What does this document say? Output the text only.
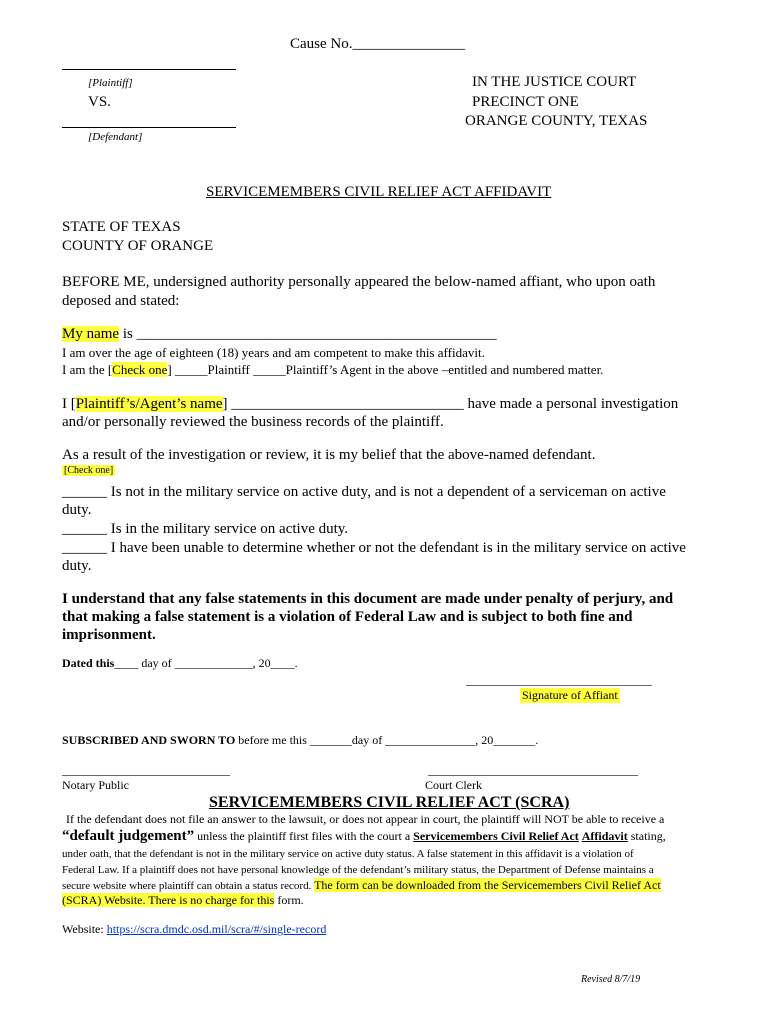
Cause No._______________
[Plaintiff]
VS.
[Defendant]
IN THE JUSTICE COURT
PRECINCT ONE
ORANGE COUNTY, TEXAS
SERVICEMEMBERS CIVIL RELIEF ACT AFFIDAVIT
STATE OF TEXAS
COUNTY OF ORANGE
BEFORE ME, undersigned authority personally appeared the below-named affiant, who upon oath
deposed and stated:
My name is ________________________________________________
I am over the age of eighteen (18) years and am competent to make this affidavit.
I am the [Check one] _____Plaintiff _____Plaintiff’s Agent in the above –entitled and numbered matter.
I [Plaintiff’s/Agent’s name] _______________________________ have made a personal investigation
and/or personally reviewed the business records of the plaintiff.
As a result of the investigation or review, it is my belief that the above-named defendant.
[Check one]
______ Is not in the military service on active duty, and is not a dependent of a serviceman on active
duty.
______ Is in the military service on active duty.
______ I have been unable to determine whether or not the defendant is in the military service on active
duty.
I understand that any false statements in this document are made under penalty of perjury, and
that making a false statement is a violation of Federal Law and is subject to both fine and
imprisonment.
Dated this____ day of _____________, 20____.
_______________________________
Signature of Affiant
SUBSCRIBED AND SWORN TO before me this _______day of _______________, 20_______.
____________________________
Notary Public
___________________________________
Court Clerk
SERVICEMEMBERS CIVIL RELIEF ACT (SCRA)
If the defendant does not file an answer to the lawsuit, or does not appear in court, the plaintiff will NOT be able to receive a
“default judgement” unless the plaintiff first files with the court a Servicemembers Civil Relief Act Affidavit stating,
under oath, that the defendant is not in the military service on active duty status. A false statement in this affidavit is a violation of
Federal Law. If a plaintiff does not have personal knowledge of the defendant’s military status, the Department of Defense maintains a
secure website where plaintiff can obtain a status record. The form can be downloaded from the Servicemembers Civil Relief Act
(SCRA) Website. There is no charge for this form.
Website: https://scra.dmdc.osd.mil/scra/#/single-record
Revised 8/7/19
